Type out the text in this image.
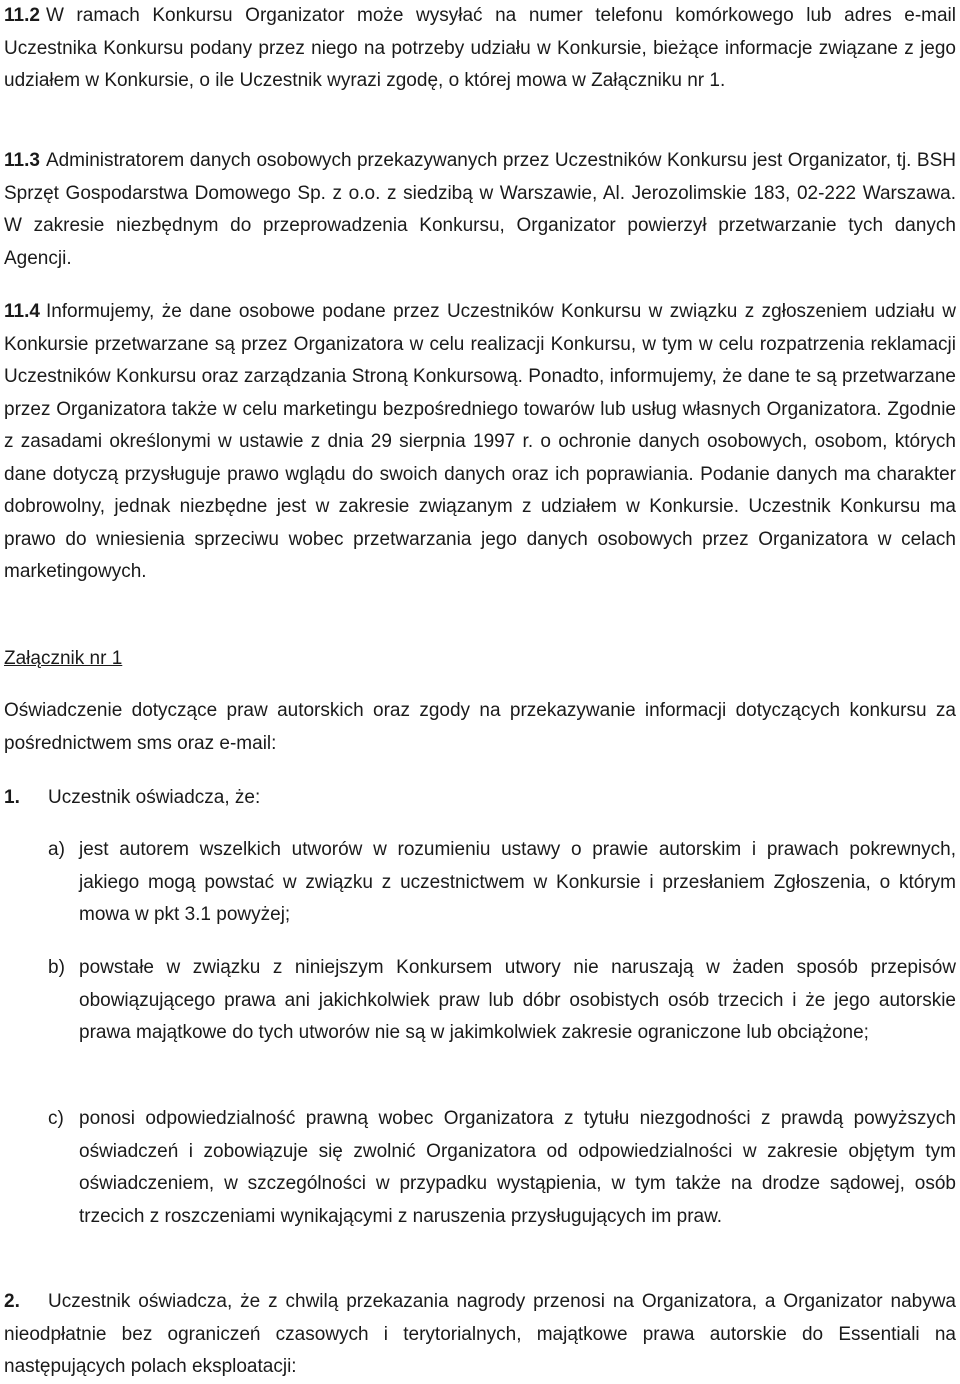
11.2 W ramach Konkursu Organizator może wysyłać na numer telefonu komórkowego lub adres e-mail Uczestnika Konkursu podany przez niego na potrzeby udziału w Konkursie, bieżące informacje związane z jego udziałem w Konkursie, o ile Uczestnik wyrazi zgodę, o której mowa w Załączniku nr 1.

11.3 Administratorem danych osobowych przekazywanych przez Uczestników Konkursu jest Organizator, tj. BSH Sprzęt Gospodarstwa Domowego Sp. z o.o. z siedzibą w Warszawie, Al. Jerozolimskie 183, 02-222 Warszawa. W zakresie niezbędnym do przeprowadzenia Konkursu, Organizator powierzył przetwarzanie tych danych Agencji.

11.4 Informujemy, że dane osobowe podane przez Uczestników Konkursu w związku z zgłoszeniem udziału w Konkursie przetwarzane są przez Organizatora w celu realizacji Konkursu, w tym w celu rozpatrzenia reklamacji Uczestników Konkursu oraz zarządzania Stroną Konkursową. Ponadto, informujemy, że dane te są przetwarzane przez Organizatora także w celu marketingu bezpośredniego towarów lub usług własnych Organizatora. Zgodnie z zasadami określonymi w ustawie z dnia 29 sierpnia 1997 r. o ochronie danych osobowych, osobom, których dane dotyczą przysługuje prawo wglądu do swoich danych oraz ich poprawiania. Podanie danych ma charakter dobrowolny, jednak niezbędne jest w zakresie związanym z udziałem w Konkursie. Uczestnik Konkursu ma prawo do wniesienia sprzeciwu wobec przetwarzania jego danych osobowych przez Organizatora w celach marketingowych.

Załącznik nr 1

Oświadczenie dotyczące praw autorskich oraz zgody na przekazywanie informacji dotyczących konkursu za pośrednictwem sms oraz e-mail:

1. Uczestnik oświadcza, że:

a) jest autorem wszelkich utworów w rozumieniu ustawy o prawie autorskim i prawach pokrewnych, jakiego mogą powstać w związku z uczestnictwem w Konkursie i przesłaniem Zgłoszenia, o którym mowa w pkt 3.1 powyżej;
b) powstałe w związku z niniejszym Konkursem utwory nie naruszają w żaden sposób przepisów obowiązującego prawa ani jakichkolwiek praw lub dóbr osobistych osób trzecich i że jego autorskie prawa majątkowe do tych utworów nie są w jakimkolwiek zakresie ograniczone lub obciążone;
c) ponosi odpowiedzialność prawną wobec Organizatora z tytułu niezgodności z prawdą powyższych oświadczeń i zobowiązuje się zwolnić Organizatora od odpowiedzialności w zakresie objętym tym oświadczeniem, w szczególności w przypadku wystąpienia, w tym także na drodze sądowej, osób trzecich z roszczeniami wynikającymi z naruszenia przysługujących im praw.

2. Uczestnik oświadcza, że z chwilą przekazania nagrody przenosi na Organizatora, a Organizator nabywa nieodpłatnie bez ograniczeń czasowych i terytorialnych, majątkowe prawa autorskie do Essentiali na następujących polach eksploatacji:
